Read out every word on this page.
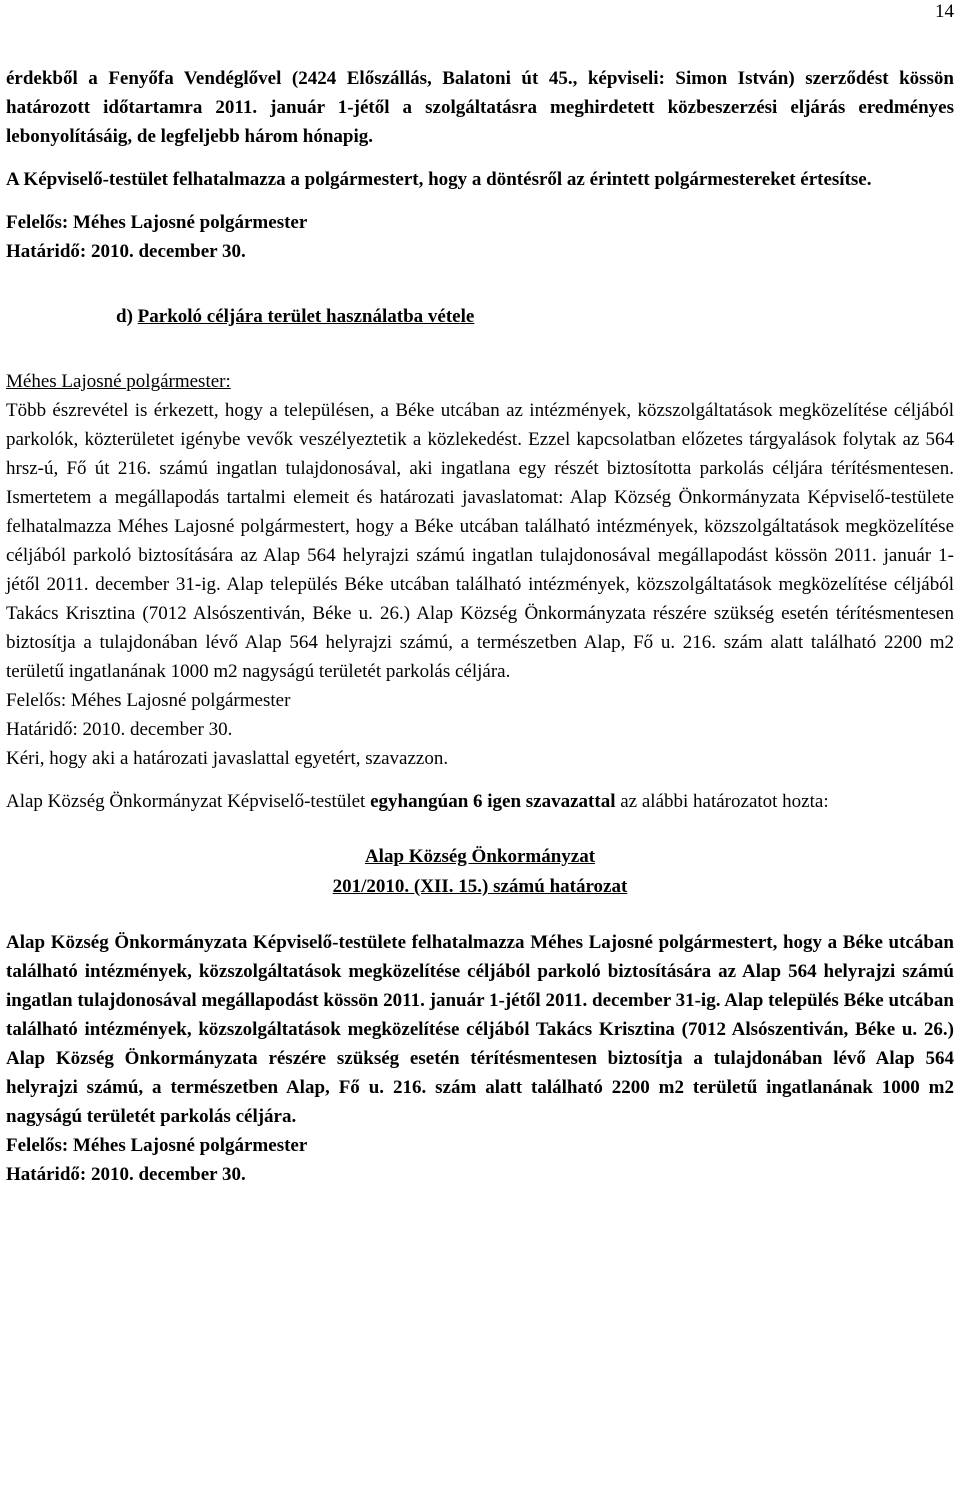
14

érdekből a Fenyőfa Vendéglővel (2424 Előszállás, Balatoni út 45., képviseli: Simon István) szerződést kössön határozott időtartamra 2011. január 1-jétől a szolgáltatásra meghirdetett közbeszerzési eljárás eredményes lebonyolításáig, de legfeljebb három hónapig.

A Képviselő-testület felhatalmazza a polgármestert, hogy a döntésről az érintett polgármestereket értesítse.

Felelős: Méhes Lajosné polgármester

Határidő: 2010. december 30.

d) Parkoló céljára terület használatba vétele

Méhes Lajosné polgármester:

Több észrevétel is érkezett, hogy a településen, a Béke utcában az intézmények, közszolgáltatások megközelítése céljából parkolók, közterületet igénybe vevők veszélyeztetik a közlekedést. Ezzel kapcsolatban előzetes tárgyalások folytak az 564 hrsz-ú, Fő út 216. számú ingatlan tulajdonosával, aki ingatlana egy részét biztosította parkolás céljára térítésmentesen. Ismertetem a megállapodás tartalmi elemeit és határozati javaslatomat: Alap Község Önkormányzata Képviselő-testülete felhatalmazza Méhes Lajosné polgármestert, hogy a Béke utcában található intézmények, közszolgáltatások megközelítése céljából parkoló biztosítására az Alap 564 helyrajzi számú ingatlan tulajdonosával megállapodást kössön 2011. január 1-jétől 2011. december 31-ig. Alap település Béke utcában található intézmények, közszolgáltatások megközelítése céljából Takács Krisztina (7012 Alsószentiván, Béke u. 26.) Alap Község Önkormányzata részére szükség esetén térítésmentesen biztosítja a tulajdonában lévő Alap 564 helyrajzi számú, a természetben Alap, Fő u. 216. szám alatt található 2200 m2 területű ingatlanának 1000 m2 nagyságú területét parkolás céljára.

Felelős: Méhes Lajosné polgármester

Határidő: 2010. december 30.

Kéri, hogy aki a határozati javaslattal egyetért, szavazzon.

Alap Község Önkormányzat Képviselő-testület egyhangúan 6 igen szavazattal az alábbi határozatot hozta:

Alap Község Önkormányzat

201/2010. (XII. 15.) számú határozat

Alap Község Önkormányzata Képviselő-testülete felhatalmazza Méhes Lajosné polgármestert, hogy a Béke utcában található intézmények, közszolgáltatások megközelítése céljából parkoló biztosítására az Alap 564 helyrajzi számú ingatlan tulajdonosával megállapodást kössön 2011. január 1-jétől 2011. december 31-ig. Alap település Béke utcában található intézmények, közszolgáltatások megközelítése céljából Takács Krisztina (7012 Alsószentiván, Béke u. 26.) Alap Község Önkormányzata részére szükség esetén térítésmentesen biztosítja a tulajdonában lévő Alap 564 helyrajzi számú, a természetben Alap, Fő u. 216. szám alatt található 2200 m2 területű ingatlanának 1000 m2 nagyságú területét parkolás céljára.

Felelős: Méhes Lajosné polgármester

Határidő: 2010. december 30.
